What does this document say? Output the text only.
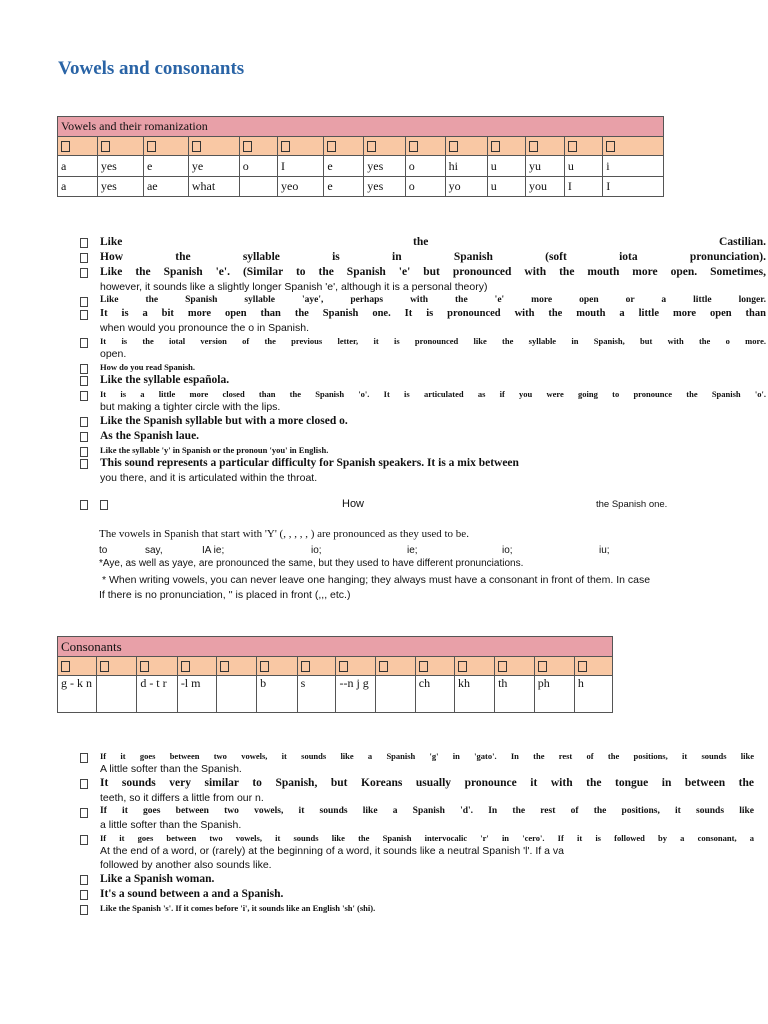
Vowels and consonants
Vowels and their romanization													

a	yes	e	ye	o	I	e	yes	o	hi	u	yu	u	i
a	yes	ae	what		yeo	e	yes	o	yo	u	you	I	I
Like the Castilian.
How the syllable is in Spanish (soft iota pronunciation).
Like the Spanish 'e'. (Similar to the Spanish 'e' but pronounced with the mouth more open. Sometimes,
however, it sounds like a slightly longer Spanish 'e', although it is a personal theory)
Like the Spanish syllable 'aye', perhaps with the 'e' more open or a little longer.
It is a bit more open than the Spanish one. It is pronounced with the mouth a little more open than
when would you pronounce the o in Spanish.
It is the iotal version of the previous letter, it is pronounced like the syllable in Spanish, but with the o more.
open.
How do you read Spanish.
Like the syllable española.
It is a little more closed than the Spanish 'o'. It is articulated as if you were going to pronounce the Spanish 'o'.
but making a tighter circle with the lips.
Like the Spanish syllable but with a more closed o.
As the Spanish laue.
Like the syllable 'y' in Spanish or the pronoun 'you' in English.
This sound represents a particular difficulty for Spanish speakers. It is a mix between
you there, and it is articulated within the throat.
How	the Spanish one.
The vowels in Spanish that start with 'Y' (, , , , , ) are pronounced as they used to be.
to	say,	IA ie;	io;	ie;	io;	iu;
*Aye, as well as yaye, are pronounced the same, but they used to have different pronunciations.
* When writing vowels, you can never leave one hanging; they always must have a consonant in front of them. In case
If there is no pronunciation, '' is placed in front (,,, etc.)
Consonants													

g - k n		d - t r	-l m		b	s	--n j g		ch	kh	th	ph	h
If it goes between two vowels, it sounds like a Spanish 'g' in 'gato'. In the rest of the positions, it sounds like
A little softer than the Spanish.
It sounds very similar to Spanish, but Koreans usually pronounce it with the tongue in between the
teeth, so it differs a little from our n.
If it goes between two vowels, it sounds like a Spanish 'd'. In the rest of the positions, it sounds like
a little softer than the Spanish.
If it goes between two vowels, it sounds like the Spanish intervocalic 'r' in 'cero'. If it is followed by a consonant, a
At the end of a word, or (rarely) at the beginning of a word, it sounds like a neutral Spanish 'l'. If a va
followed by another also sounds like.
Like a Spanish woman.
It's a sound between a and a Spanish.
Like the Spanish 's'. If it comes before 'i', it sounds like an English 'sh' (shi).
